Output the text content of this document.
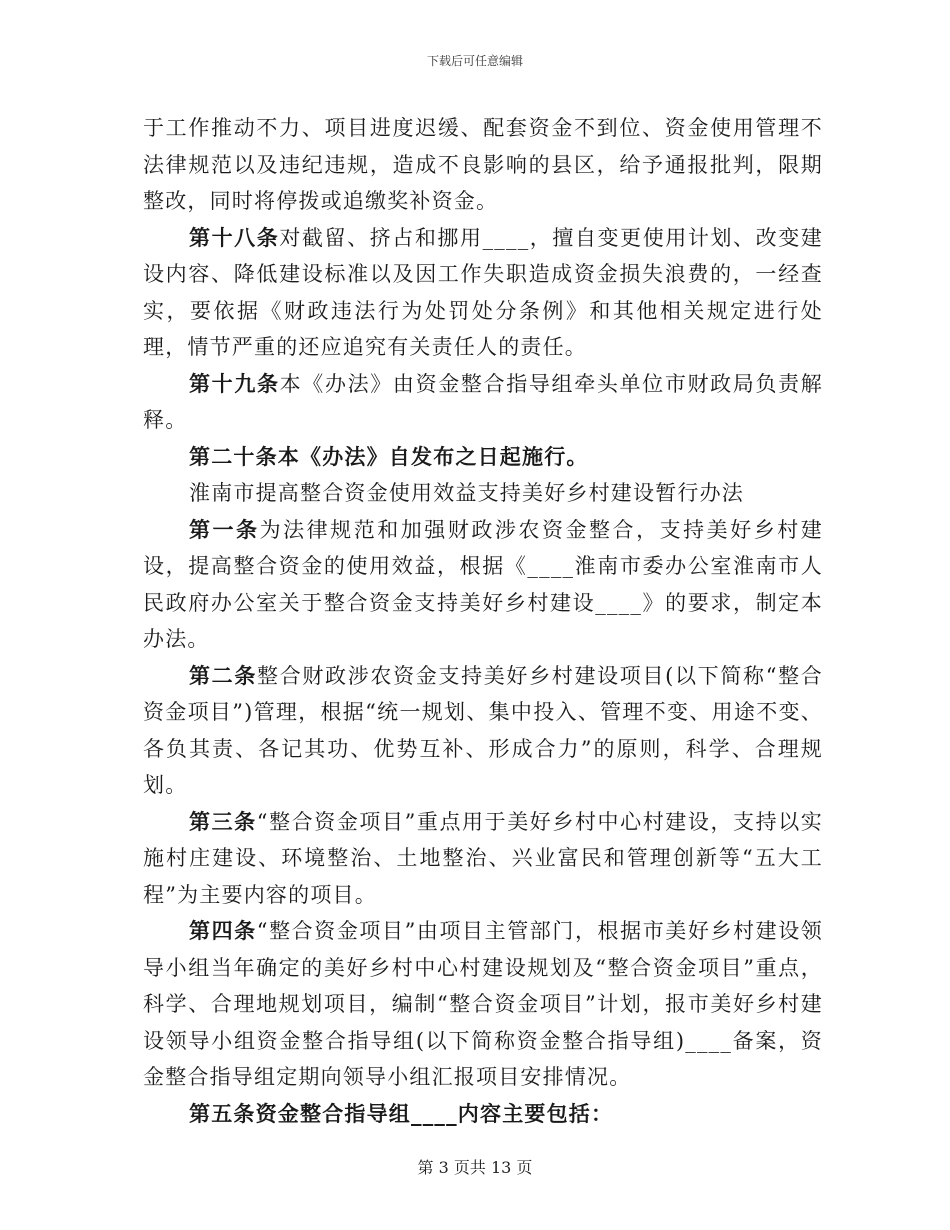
下载后可任意编辑

于工作推动不力、项目进度迟缓、配套资金不到位、资金使用管理不法律规范以及违纪违规，造成不良影响的县区，给予通报批判，限期整改，同时将停拨或追缴奖补资金。

第十八条对截留、挤占和挪用____，擅自变更使用计划、改变建设内容、降低建设标准以及因工作失职造成资金损失浪费的，一经查实，要依据《财政违法行为处罚处分条例》和其他相关规定进行处理，情节严重的还应追究有关责任人的责任。

第十九条本《办法》由资金整合指导组牵头单位市财政局负责解释。

第二十条本《办法》自发布之日起施行。

淮南市提高整合资金使用效益支持美好乡村建设暂行办法

第一条为法律规范和加强财政涉农资金整合，支持美好乡村建设，提高整合资金的使用效益，根据《____淮南市委办公室淮南市人民政府办公室关于整合资金支持美好乡村建设____》的要求，制定本办法。

第二条整合财政涉农资金支持美好乡村建设项目(以下简称“整合资金项目”)管理，根据“统一规划、集中投入、管理不变、用途不变、各负其责、各记其功、优势互补、形成合力”的原则，科学、合理规划。

第三条“整合资金项目”重点用于美好乡村中心村建设，支持以实施村庄建设、环境整治、土地整治、兴业富民和管理创新等“五大工程”为主要内容的项目。

第四条“整合资金项目”由项目主管部门，根据市美好乡村建设领导小组当年确定的美好乡村中心村建设规划及“整合资金项目”重点，科学、合理地规划项目，编制“整合资金项目”计划，报市美好乡村建设领导小组资金整合指导组(以下简称资金整合指导组)____备案，资金整合指导组定期向领导小组汇报项目安排情况。

第五条资金整合指导组____内容主要包括：

第 3 页共 13 页
